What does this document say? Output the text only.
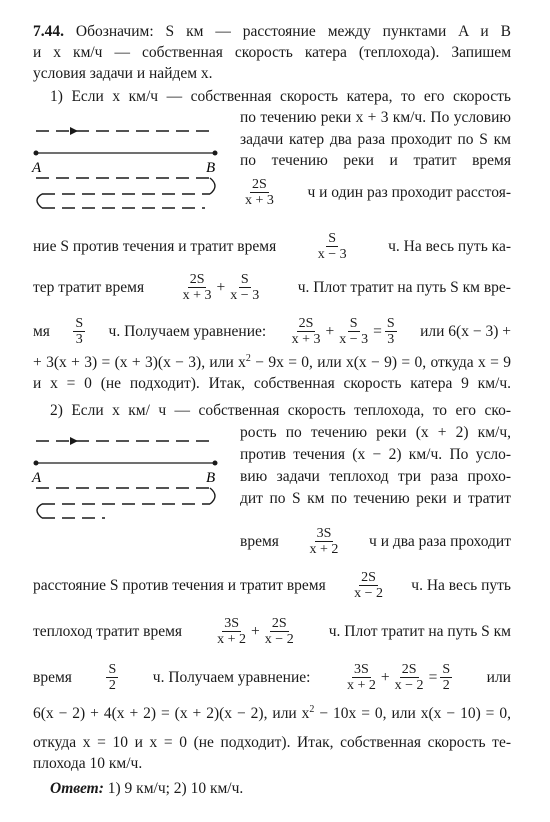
7.44. Обозначим: S км — расстояние между пунктами A и B
и x км/ч — собственная скорость катера (теплохода). Запишем
условия задачи и найдем x.
1) Если x км/ч — собственная скорость катера, то его скорость
по течению реки x + 3 км/ч. По условию
задачи катер два раза проходит по S км
по течению реки и тратит время
$\frac{2S}{x + 3}$ ч и один раз проходит расстоя-
A	B
ние S против течения и тратит время	$\frac{S}{x - 3}$	ч. На весь путь ка-
тер тратит время	$\frac{2S}{x + 3} + \frac{S}{x - 3} ч$. Плот тратит на путь S км вре-
мя $\frac{S}{3} ч$. Получаем уравнение: $\frac{2S}{x + 3} + \frac{S}{x - 3} = \frac{S}{3}$ или 6(x − 3) +
+ 3(x + 3) = (x + 3)(x − 3), или $x^2 - 9x = 0$, или x(x − 9) = 0, откуда x = 9
и x = 0 (не подходит). Итак, собственная скорость катера 9 км/ч.
2) Если x км/ ч — собственная скорость теплохода, то его ско-
рость по течению реки (x + 2) км/ч,
против течения (x − 2) км/ч. По усло-
вию задачи теплоход три раза прохо-
дит по S км по течению реки и тратит
A	B
время $\frac{3S}{x + 2}$ ч и два раза проходит
расстояние S против течения и тратит время $\frac{2S}{x - 2} ч$. На весь путь
теплоход тратит время $\frac{3S}{x + 2} + \frac{2S}{x - 2} ч$. Плот тратит на путь S км
время $\frac{S}{2} ч$. Получаем уравнение: $\frac{3S}{x + 2} + \frac{2S}{x - 2} = \frac{S}{2}$ или
6(x − 2) + 4(x + 2) = (x + 2)(x − 2), или $x^2 - 10x = 0$, или x(x − 10) = 0,
откуда x = 10 и x = 0 (не подходит). Итак, собственная скорость те-
плохода 10 км/ч.
Ответ: 1) 9 км/ч; 2) 10 км/ч.
